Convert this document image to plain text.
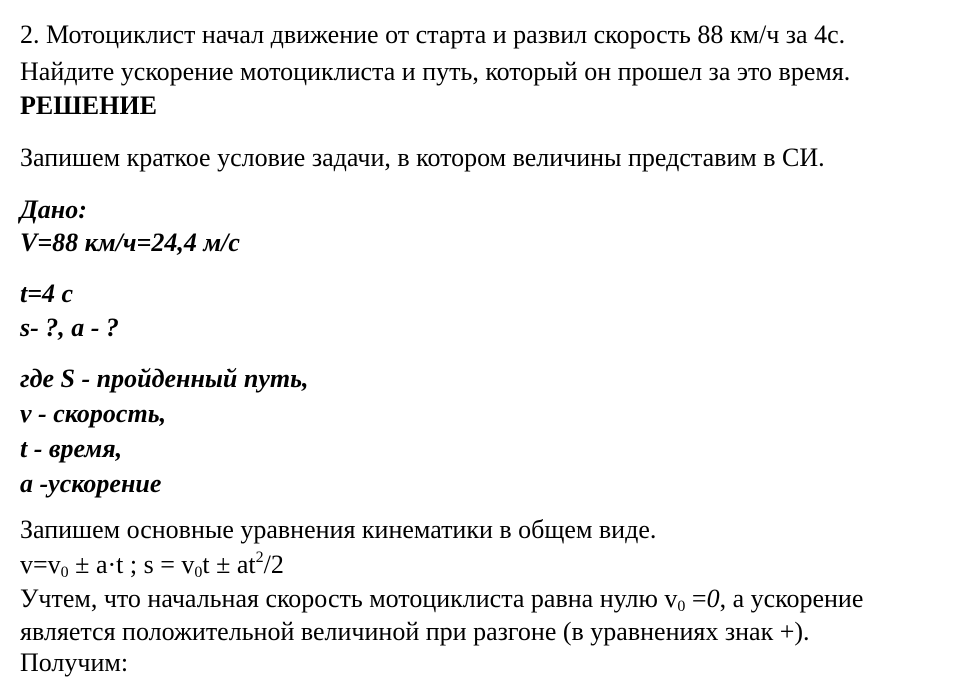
2. Мотоциклист начал движение от старта и развил скорость 88 км/ч за 4с.
Найдите ускорение мотоциклиста и путь, который он прошел за это время.
РЕШЕНИЕ
Запишем краткое условие задачи, в котором величины представим в СИ.
Дано:
V=88 км/ч=24,4 м/с
t=4 с
s- ?, a - ?
где S - пройденный путь,
v - скорость,
t - время,
a -ускорение
Запишем основные уравнения кинематики в общем виде.
$v=v_0 \pm a\cdot t$ ; $s = v_0t \pm at^2/2$
Учтем, что начальная скорость мотоциклиста равна нулю $v_0 =0$, а ускорение
является положительной величиной при разгоне (в уравнениях знак +).
Получим:
